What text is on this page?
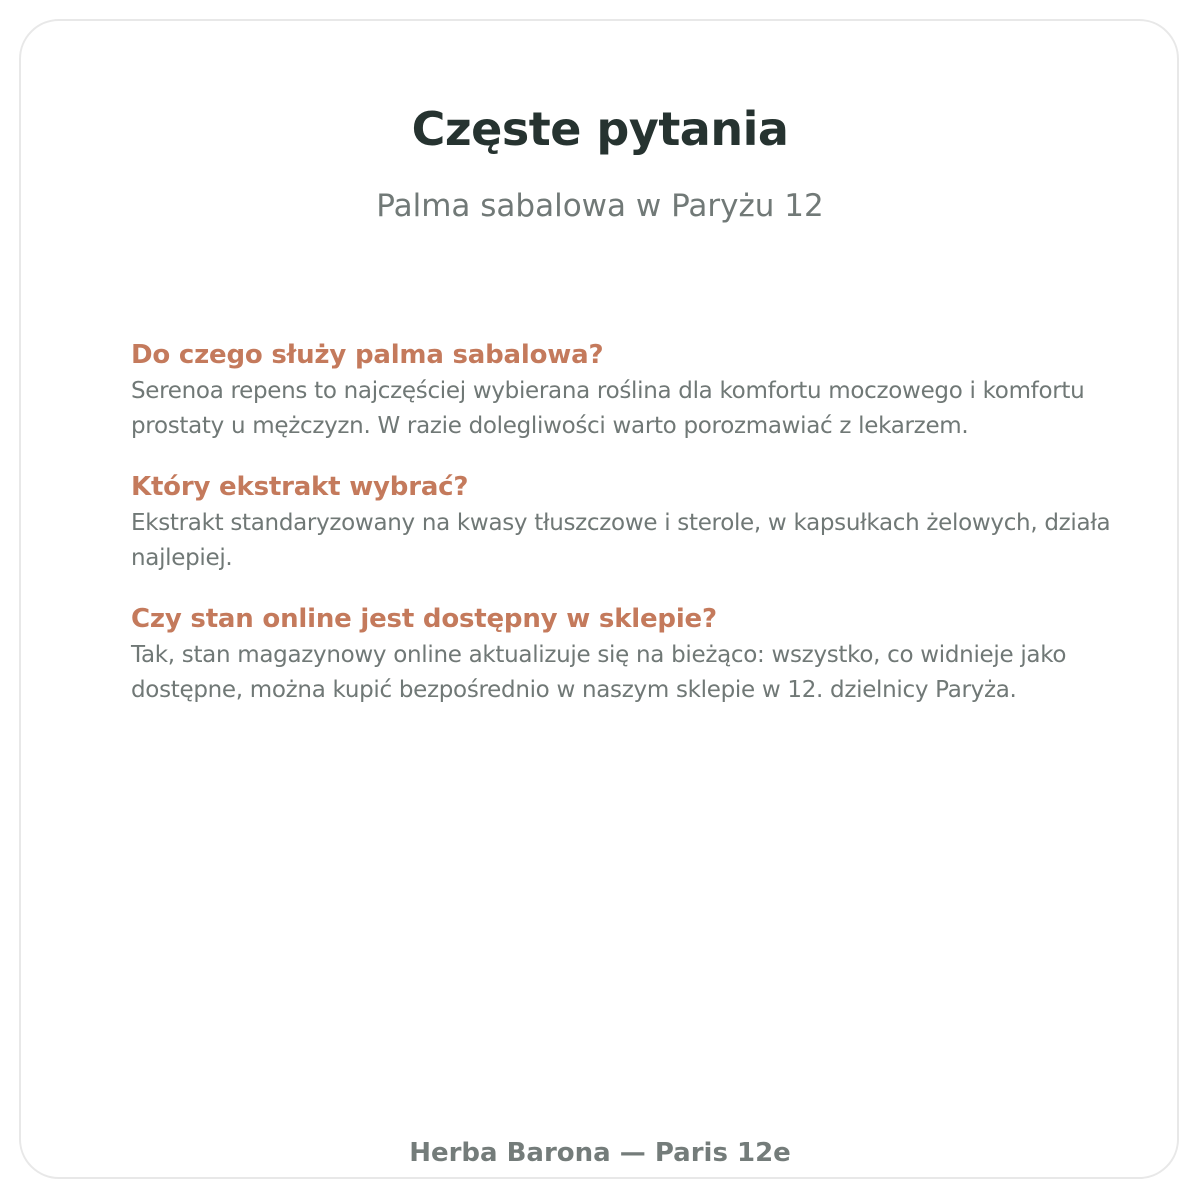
Częste pytania

Palma sabalowa w Paryżu 12

Do czego służy palma sabalowa?

Serenoa repens to najczęściej wybierana roślina dla komfortu moczowego i komfortu prostaty u mężczyzn. W razie dolegliwości warto porozmawiać z lekarzem.

Który ekstrakt wybrać?

Ekstrakt standaryzowany na kwasy tłuszczowe i sterole, w kapsułkach żelowych, działa najlepiej.

Czy stan online jest dostępny w sklepie?

Tak, stan magazynowy online aktualizuje się na bieżąco: wszystko, co widnieje jako dostępne, można kupić bezpośrednio w naszym sklepie w 12. dzielnicy Paryża.

Herba Barona — Paris 12e
